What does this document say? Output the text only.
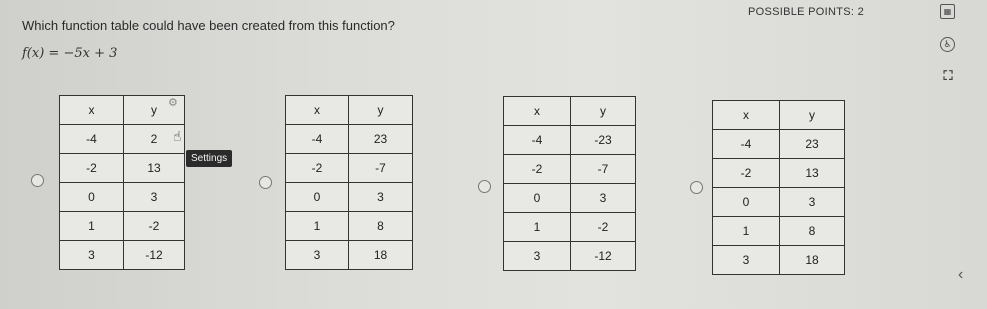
Which function table could have been created from this function?
POSSIBLE POINTS: 2
f(x) = −5x + 3
▦
♿
⛶
‹
x	y
-4	2
-2	13
0	3
1	-2
3	-12
⚙
☝
Settings
x	y
-4	23
-2	-7
0	3
1	8
3	18
x	y
-4	-23
-2	-7
0	3
1	-2
3	-12
x	y
-4	23
-2	13
0	3
1	8
3	18
